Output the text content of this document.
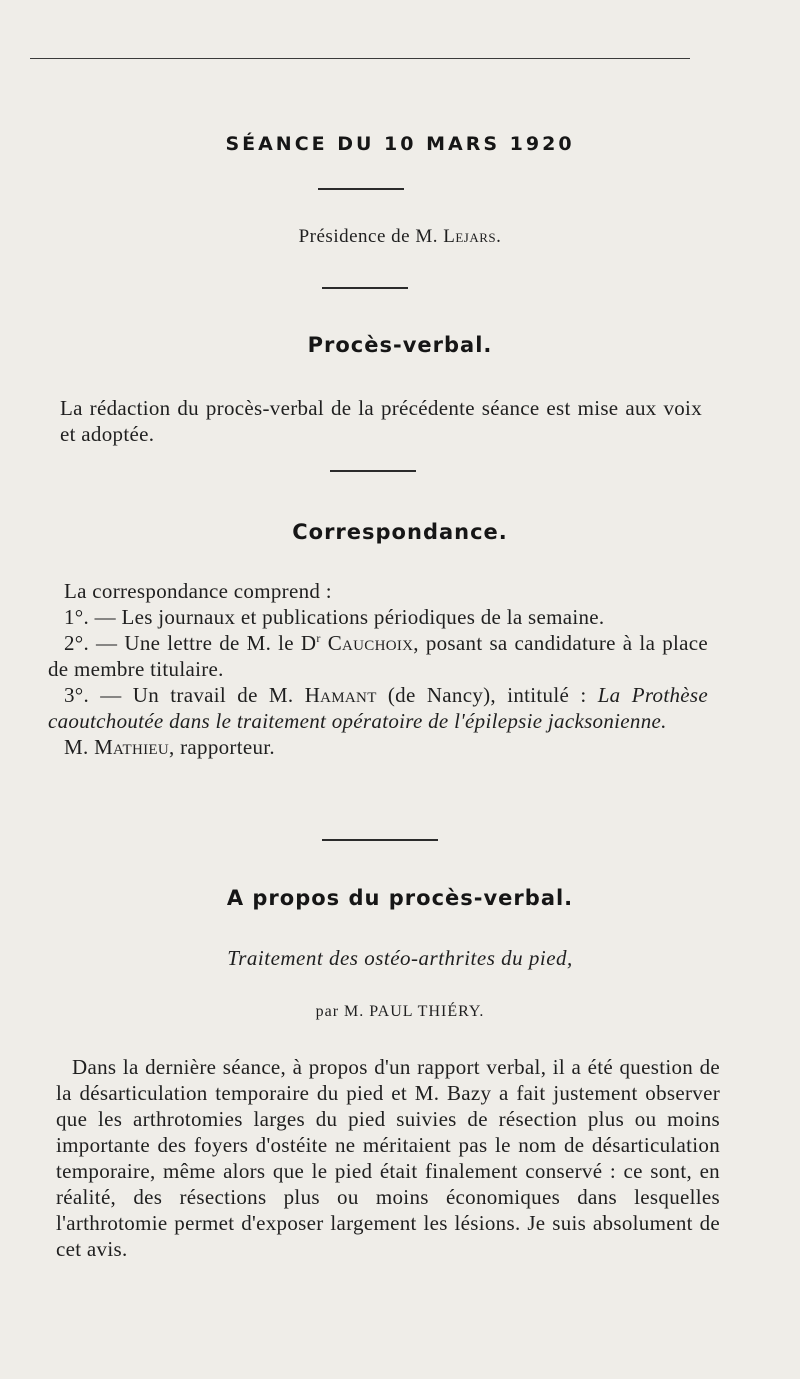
SÉANCE DU 10 MARS 1920
Présidence de M. Lejars.
Procès-verbal.
La rédaction du procès-verbal de la précédente séance est mise aux voix et adoptée.
Correspondance.
La correspondance comprend :
1°. — Les journaux et publications périodiques de la semaine.
2°. — Une lettre de M. le $D^r$ Cauchoix, posant sa candidature à la place de membre titulaire.
3°. — Un travail de M. Hamant (de Nancy), intitulé : La Prothèse caoutchoutée dans le traitement opératoire de l'épilepsie jacksonienne.
M. Mathieu, rapporteur.
A propos du procès-verbal.
Traitement des ostéo-arthrites du pied,
par M. PAUL THIÉRY.
Dans la dernière séance, à propos d'un rapport verbal, il a été question de la désarticulation temporaire du pied et M. Bazy a fait justement observer que les arthrotomies larges du pied suivies de résection plus ou moins importante des foyers d'ostéite ne méritaient pas le nom de désarticulation temporaire, même alors que le pied était finalement conservé : ce sont, en réalité, des résections plus ou moins économiques dans lesquelles l'arthrotomie permet d'exposer largement les lésions. Je suis absolument de cet avis.
